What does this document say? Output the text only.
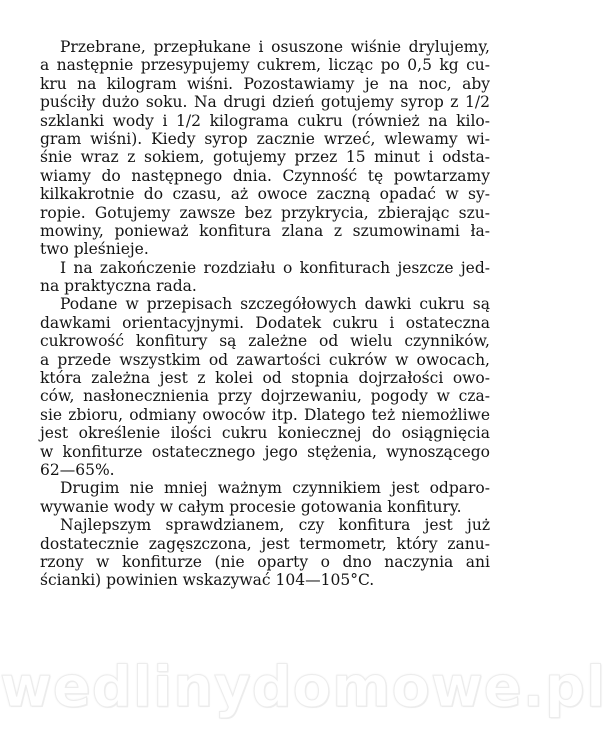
Przebrane, przepłukane i osuszone wiśnie drylujemy,
a następnie przesypujemy cukrem, licząc po 0,5 kg cu-
kru na kilogram wiśni. Pozostawiamy je na noc, aby
puściły dużo soku. Na drugi dzień gotujemy syrop z 1/2
szklanki wody i 1/2 kilograma cukru (również na kilo-
gram wiśni). Kiedy syrop zacznie wrzeć, wlewamy wi-
śnie wraz z sokiem, gotujemy przez 15 minut i odsta-
wiamy do następnego dnia. Czynność tę powtarzamy
kilkakrotnie do czasu, aż owoce zaczną opadać w sy-
ropie. Gotujemy zawsze bez przykrycia, zbierając szu-
mowiny, ponieważ konfitura zlana z szumowinami ła-
two pleśnieje.
I na zakończenie rozdziału o konfiturach jeszcze jed-
na praktyczna rada.
Podane w przepisach szczegółowych dawki cukru są
dawkami orientacyjnymi. Dodatek cukru i ostateczna
cukrowość konfitury są zależne od wielu czynników,
a przede wszystkim od zawartości cukrów w owocach,
która zależna jest z kolei od stopnia dojrzałości owo-
ców, nasłonecznienia przy dojrzewaniu, pogody w cza-
sie zbioru, odmiany owoców itp. Dlatego też niemożliwe
jest określenie ilości cukru koniecznej do osiągnięcia
w konfiturze ostatecznego jego stężenia, wynoszącego
62—65%.
Drugim nie mniej ważnym czynnikiem jest odparo-
wywanie wody w całym procesie gotowania konfitury.
Najlepszym sprawdzianem, czy konfitura jest już
dostatecznie zagęszczona, jest termometr, który zanu-
rzony w konfiturze (nie oparty o dno naczynia ani
ścianki) powinien wskazywać 104—105°C.
wedlinydomowe.pl
